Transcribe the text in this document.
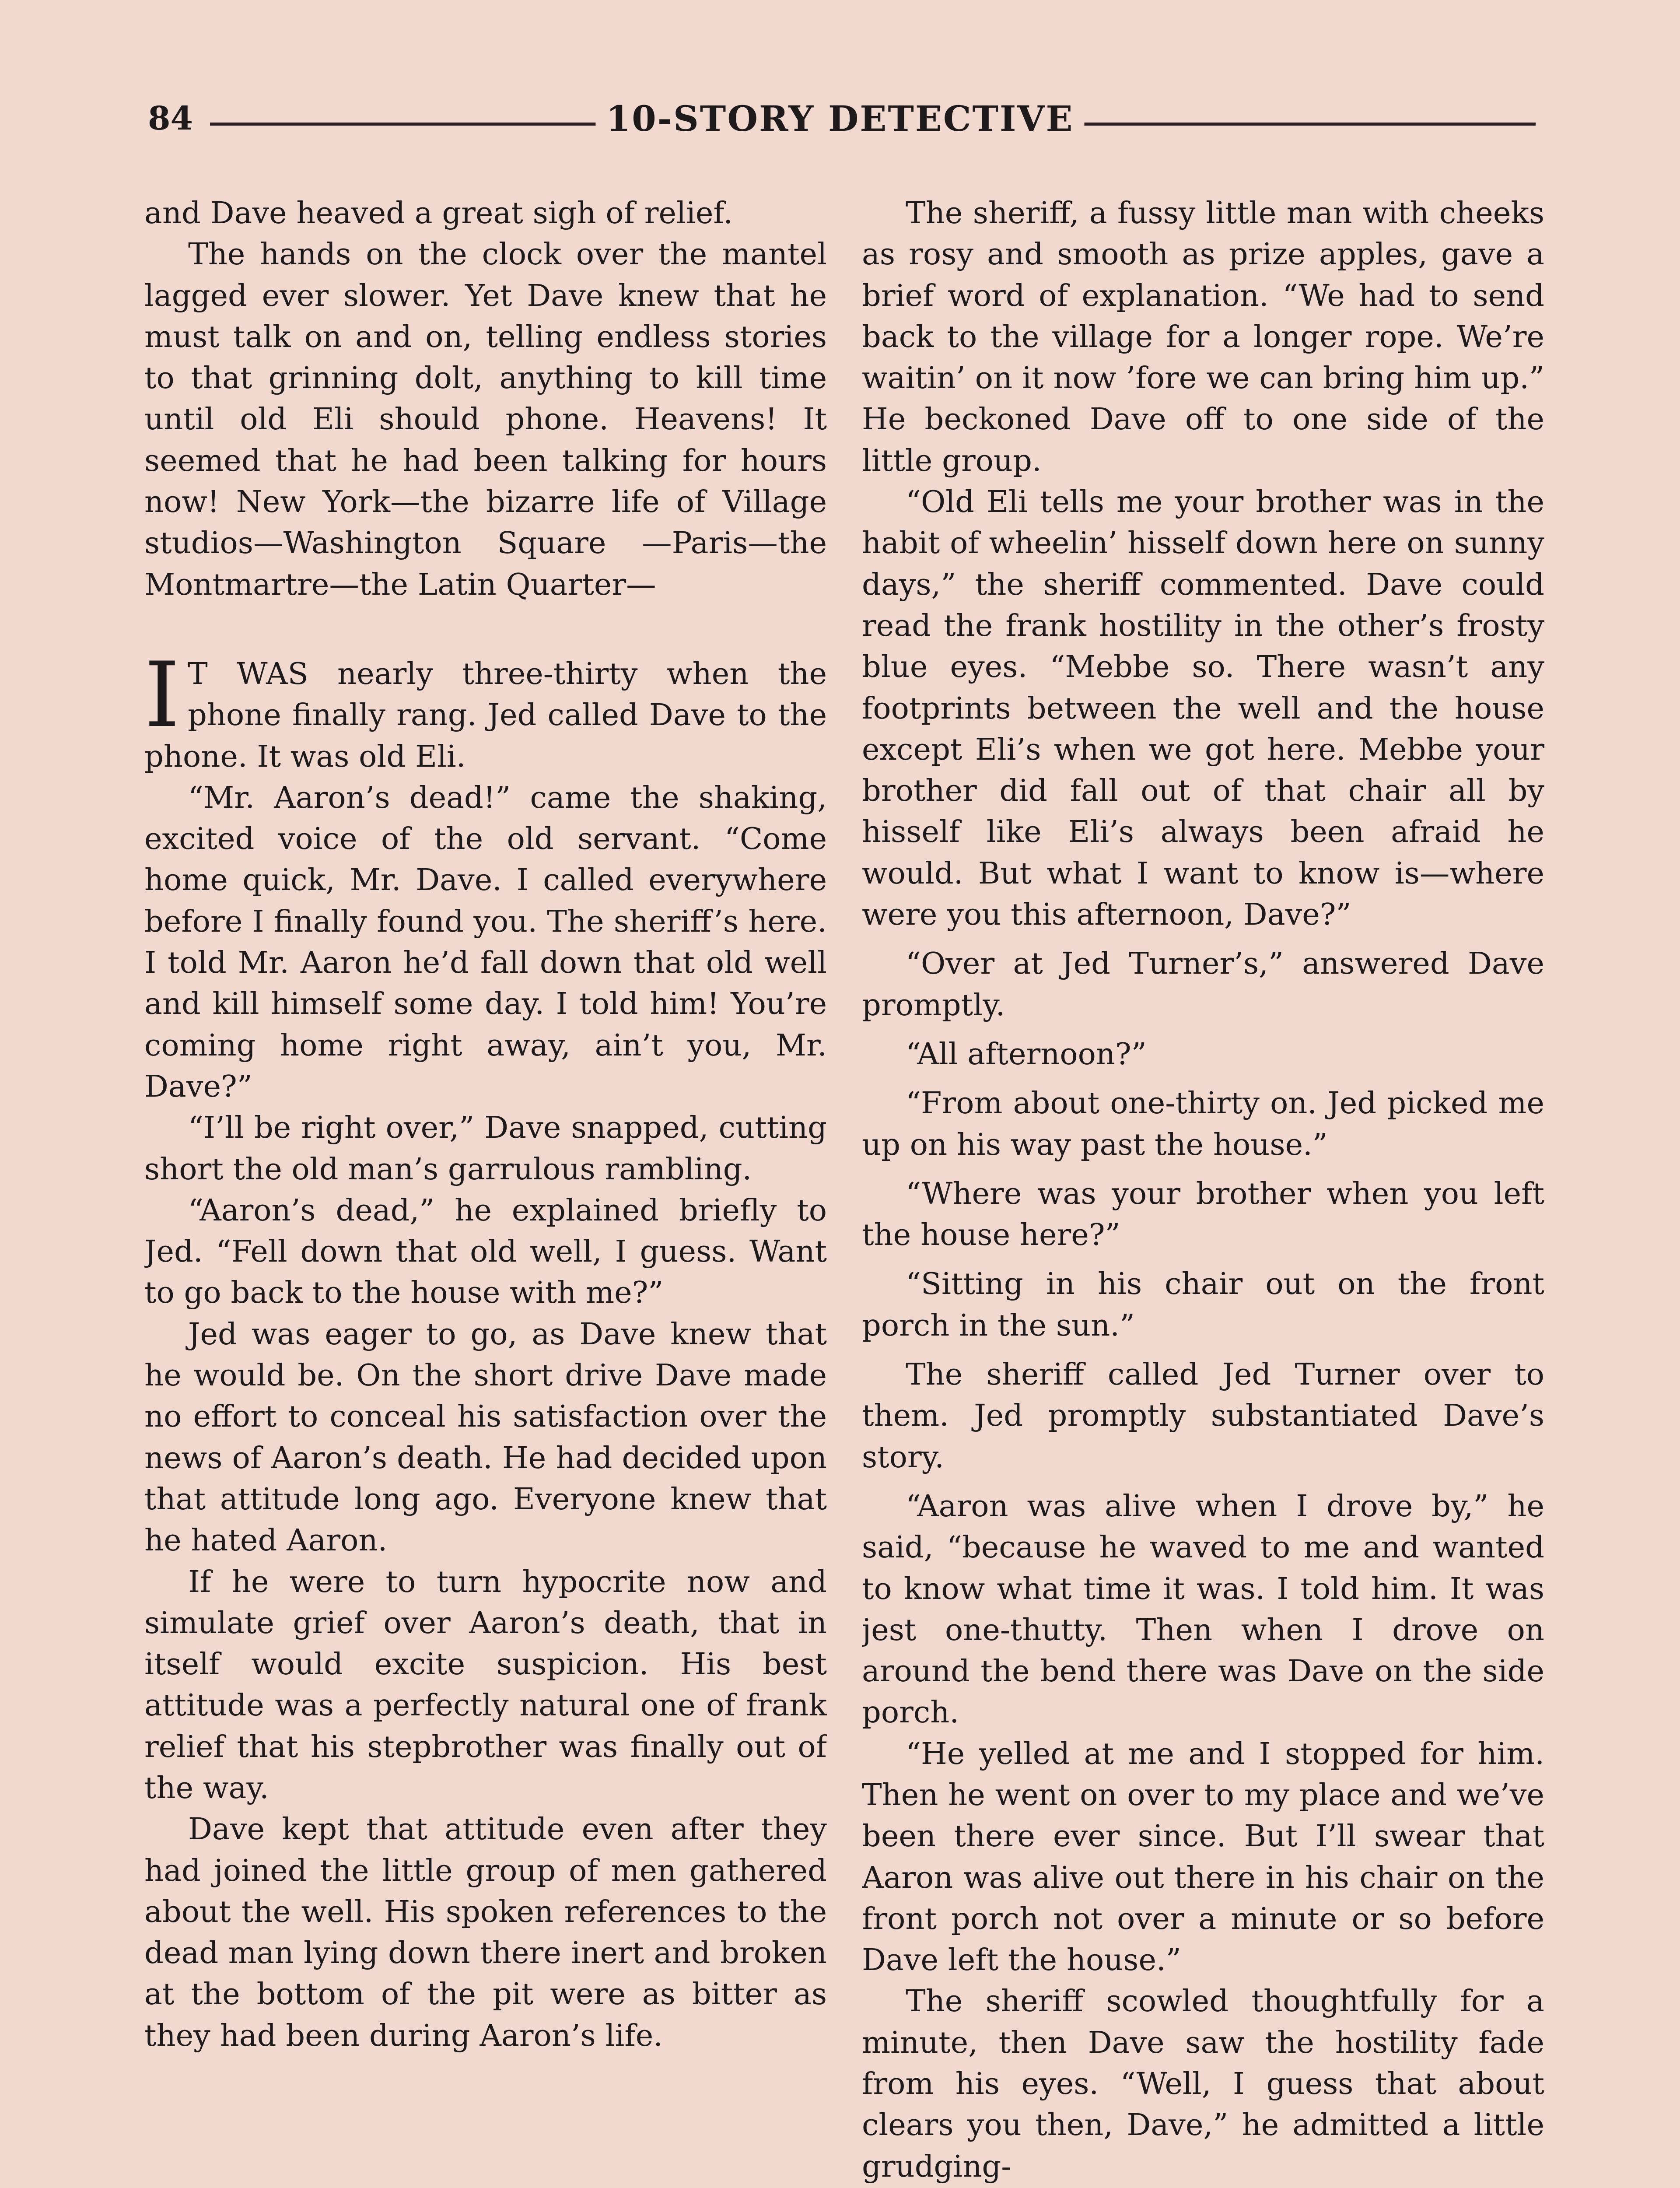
84	10-STORY DETECTIVE

and Dave heaved a great sigh of relief.

The hands on the clock over the mantel lagged ever slower. Yet Dave knew that he must talk on and on, telling endless stories to that grinning dolt, anything to kill time until old Eli should phone. Heavens! It seemed that he had been talking for hours now! New York—the bizarre life of Village studios—Washington Square —Paris—the Montmartre—the Latin Quarter—

I T WAS nearly three-thirty when the phone finally rang. Jed called Dave to the phone. It was old Eli.

“Mr. Aaron’s dead!” came the shaking, excited voice of the old servant. “Come home quick, Mr. Dave. I called everywhere before I finally found you. The sheriff’s here. I told Mr. Aaron he’d fall down that old well and kill himself some day. I told him! You’re coming home right away, ain’t you, Mr. Dave?”

“I’ll be right over,” Dave snapped, cutting short the old man’s garrulous rambling.

“Aaron’s dead,” he explained briefly to Jed. “Fell down that old well, I guess. Want to go back to the house with me?”

Jed was eager to go, as Dave knew that he would be. On the short drive Dave made no effort to conceal his satisfaction over the news of Aaron’s death. He had decided upon that attitude long ago. Everyone knew that he hated Aaron.

If he were to turn hypocrite now and simulate grief over Aaron’s death, that in itself would excite suspicion. His best attitude was a perfectly natural one of frank relief that his stepbrother was finally out of the way.

Dave kept that attitude even after they had joined the little group of men gathered about the well. His spoken references to the dead man lying down there inert and broken at the bottom of the pit were as bitter as they had been during Aaron’s life.

The sheriff, a fussy little man with cheeks as rosy and smooth as prize apples, gave a brief word of explanation. “We had to send back to the village for a longer rope. We’re waitin’ on it now ’fore we can bring him up.” He beckoned Dave off to one side of the little group.

“Old Eli tells me your brother was in the habit of wheelin’ hisself down here on sunny days,” the sheriff commented. Dave could read the frank hostility in the other’s frosty blue eyes. “Mebbe so. There wasn’t any footprints between the well and the house except Eli’s when we got here. Mebbe your brother did fall out of that chair all by hisself like Eli’s always been afraid he would. But what I want to know is—where were you this afternoon, Dave?”

“Over at Jed Turner’s,” answered Dave promptly.

“All afternoon?”

“From about one-thirty on. Jed picked me up on his way past the house.”

“Where was your brother when you left the house here?”

“Sitting in his chair out on the front porch in the sun.”

The sheriff called Jed Turner over to them. Jed promptly substantiated Dave’s story.

“Aaron was alive when I drove by,” he said, “because he waved to me and wanted to know what time it was. I told him. It was jest one-thutty. Then when I drove on around the bend there was Dave on the side porch.

“He yelled at me and I stopped for him. Then he went on over to my place and we’ve been there ever since. But I’ll swear that Aaron was alive out there in his chair on the front porch not over a minute or so before Dave left the house.”

The sheriff scowled thoughtfully for a minute, then Dave saw the hostility fade from his eyes. “Well, I guess that about clears you then, Dave,” he admitted a little grudging-
